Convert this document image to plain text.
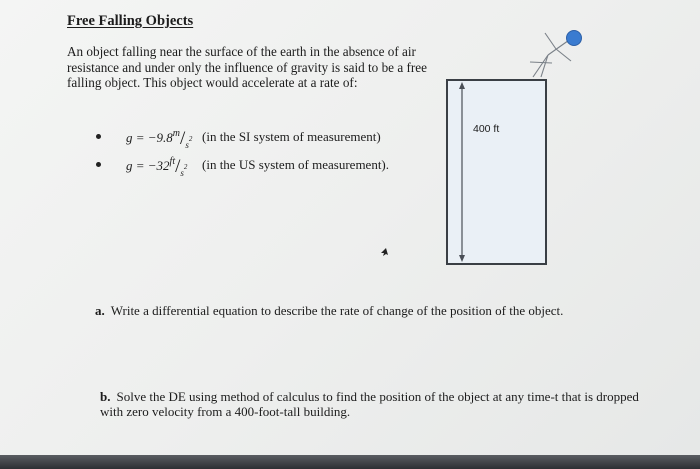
Free Falling Objects
An object falling near the surface of the earth in the absence of air resistance and under only the influence of gravity is said to be a free falling object. This object would accelerate at a rate of:
$g = -9.8^m/_s2$ (in the SI system of measurement)
$g = -32^{ft}/_s2$ (in the US system of measurement).
400 ft
a. Write a differential equation to describe the rate of change of the position of the object.
b. Solve the DE using method of calculus to find the position of the object at any time-t that is dropped with zero velocity from a 400-foot-tall building.
